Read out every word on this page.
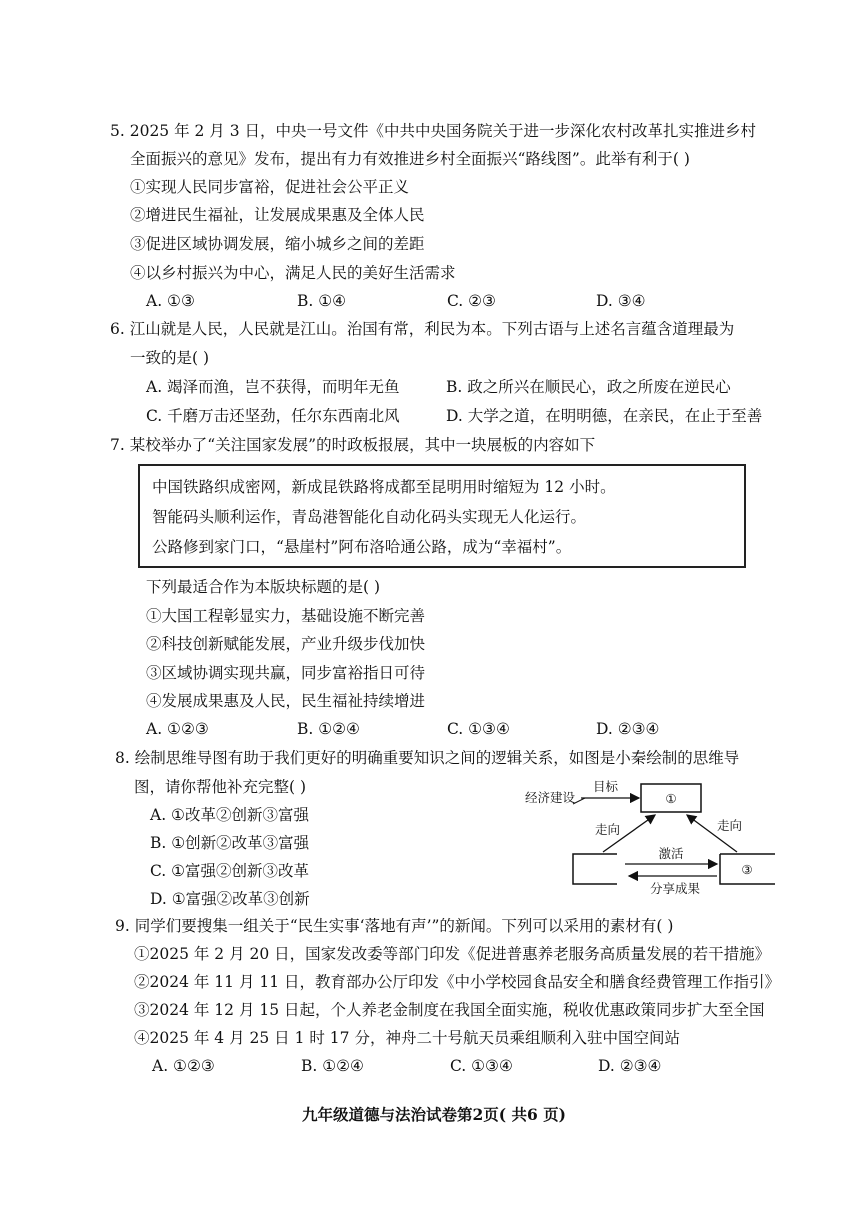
5. 2025 年 2 月 3 日，中央一号文件《中共中央国务院关于进一步深化农村改革扎实推进乡村
全面振兴的意见》发布，提出有力有效推进乡村全面振兴“路线图”。此举有利于( )
①实现人民同步富裕，促进社会公平正义
②增进民生福祉，让发展成果惠及全体人民
③促进区域协调发展，缩小城乡之间的差距
④以乡村振兴为中心，满足人民的美好生活需求
A. ①③	B. ①④	C. ②③	D. ③④
6. 江山就是人民，人民就是江山。治国有常，利民为本。下列古语与上述名言蕴含道理最为
一致的是( )
A. 竭泽而渔，岂不获得，而明年无鱼	B. 政之所兴在顺民心，政之所废在逆民心
C. 千磨万击还坚劲，任尔东西南北风	D. 大学之道，在明明德，在亲民，在止于至善
7. 某校举办了“关注国家发展”的时政板报展，其中一块展板的内容如下
中国铁路织成密网，新成昆铁路将成都至昆明用时缩短为 12 小时。
智能码头顺利运作，青岛港智能化自动化码头实现无人化运行。
公路修到家门口，“悬崖村”阿布洛哈通公路，成为“幸福村”。
下列最适合作为本版块标题的是( )
①大国工程彰显实力，基础设施不断完善
②科技创新赋能发展，产业升级步伐加快
③区域协调实现共赢，同步富裕指日可待
④发展成果惠及人民，民生福祉持续增进
A. ①②③	B. ①②④	C. ①③④	D. ②③④
8. 绘制思维导图有助于我们更好的明确重要知识之间的逻辑关系，如图是小秦绘制的思维导
图，请你帮他补充完整( )
A. ①改革②创新③富强
B. ①创新②改革③富强
C. ①富强②创新③改革
D. ①富强②改革③创新
①
经济建设
目标
③
走向	走向
激活
分享成果
9. 同学们要搜集一组关于“民生实事‘落地有声’”的新闻。下列可以采用的素材有( )
①2025 年 2 月 20 日，国家发改委等部门印发《促进普惠养老服务高质量发展的若干措施》
②2024 年 11 月 11 日，教育部办公厅印发《中小学校园食品安全和膳食经费管理工作指引》
③2024 年 12 月 15 日起，个人养老金制度在我国全面实施，税收优惠政策同步扩大至全国
④2025 年 4 月 25 日 1 时 17 分，神舟二十号航天员乘组顺利入驻中国空间站
A. ①②③	B. ①②④	C. ①③④	D. ②③④
九年级道德与法治试卷第2页( 共6 页)
